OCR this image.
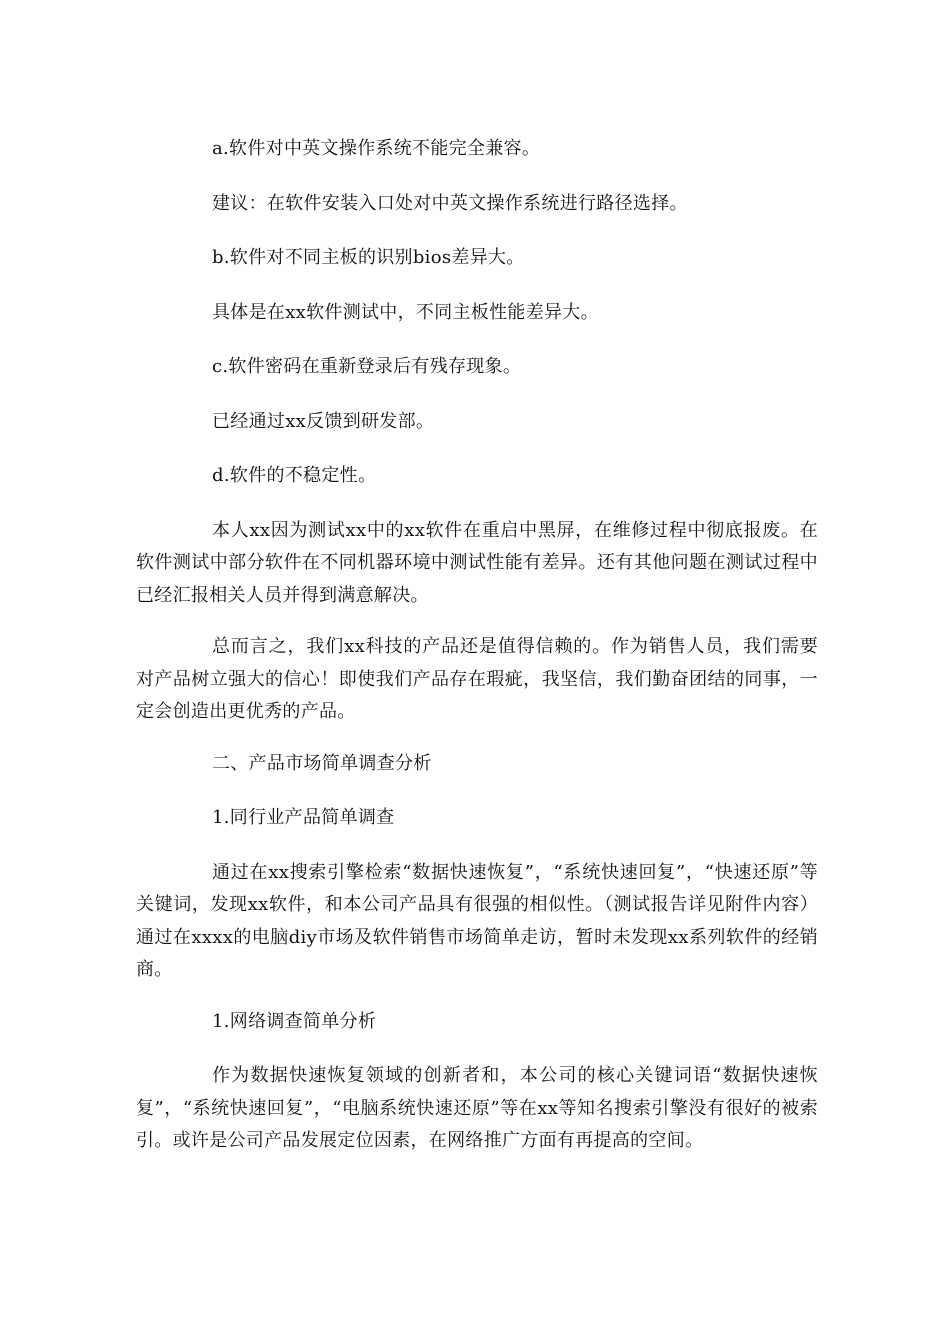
a.软件对中英文操作系统不能完全兼容。

建议：在软件安装入口处对中英文操作系统进行路径选择。

b.软件对不同主板的识别bios差异大。

具体是在xx软件测试中，不同主板性能差异大。

c.软件密码在重新登录后有残存现象。

已经通过xx反馈到研发部。

d.软件的不稳定性。

本人xx因为测试xx中的xx软件在重启中黑屏，在维修过程中彻底报废。在软件测试中部分软件在不同机器环境中测试性能有差异。还有其他问题在测试过程中已经汇报相关人员并得到满意解决。

总而言之，我们xx科技的产品还是值得信赖的。作为销售人员，我们需要对产品树立强大的信心！即使我们产品存在瑕疵，我坚信，我们勤奋团结的同事，一定会创造出更优秀的产品。

二、产品市场简单调查分析

1.同行业产品简单调查

通过在xx搜索引擎检索“数据快速恢复”，“系统快速回复”，“快速还原”等关键词，发现xx软件，和本公司产品具有很强的相似性。（测试报告详见附件内容）通过在xxxx的电脑diy市场及软件销售市场简单走访，暂时未发现xx系列软件的经销商。

1.网络调查简单分析

作为数据快速恢复领域的创新者和，本公司的核心关键词语“数据快速恢复”，“系统快速回复”，“电脑系统快速还原”等在xx等知名搜索引擎没有很好的被索引。或许是公司产品发展定位因素，在网络推广方面有再提高的空间。
